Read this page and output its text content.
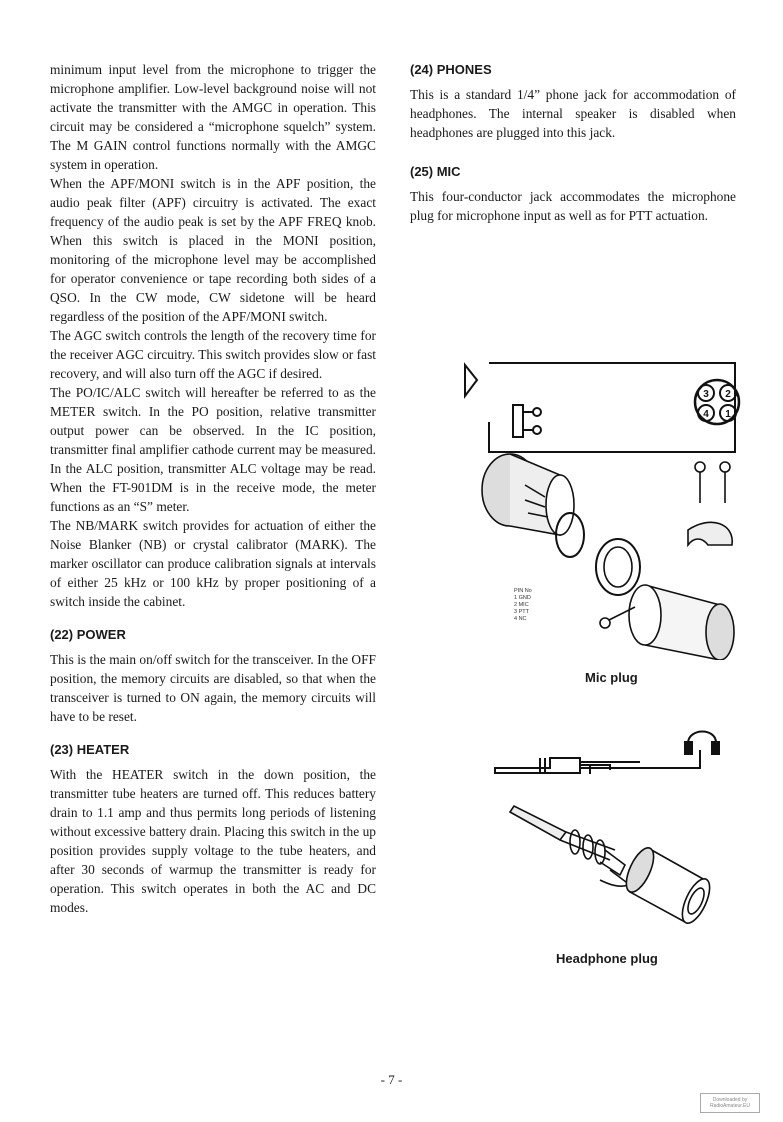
minimum input level from the microphone to trigger the microphone amplifier. Low-level background noise will not activate the transmitter with the AMGC in operation. This circuit may be considered a “microphone squelch” system. The M GAIN control functions normally with the AMGC system in operation.

When the APF/MONI switch is in the APF position, the audio peak filter (APF) circuitry is activated. The exact frequency of the audio peak is set by the APF FREQ knob. When this switch is placed in the MONI position, monitoring of the microphone level may be accomplished for operator convenience or tape recording both sides of a QSO. In the CW mode, CW sidetone will be heard regardless of the position of the APF/MONI switch.

The AGC switch controls the length of the recovery time for the receiver AGC circuitry. This switch provides slow or fast recovery, and will also turn off the AGC if desired.

The PO/IC/ALC switch will hereafter be referred to as the METER switch. In the PO position, relative transmitter output power can be observed. In the IC position, transmitter final amplifier cathode current may be measured. In the ALC position, transmitter ALC voltage may be read. When the FT-901DM is in the receive mode, the meter functions as an “S” meter.

The NB/MARK switch provides for actuation of either the Noise Blanker (NB) or crystal calibrator (MARK). The marker oscillator can produce calibration signals at intervals of either 25 kHz or 100 kHz by proper positioning of a switch inside the cabinet.

(22) POWER

This is the main on/off switch for the transceiver. In the OFF position, the memory circuits are disabled, so that when the transceiver is turned to ON again, the memory circuits will have to be reset.

(23) HEATER

With the HEATER switch in the down position, the transmitter tube heaters are turned off. This reduces battery drain to 1.1 amp and thus permits long periods of listening without excessive battery drain. Placing this switch in the up position provides supply voltage to the tube heaters, and after 30 seconds of warmup the transmitter is ready for operation. This switch operates in both the AC and DC modes.

(24) PHONES

This is a standard 1/4” phone jack for accommodation of headphones. The internal speaker is disabled when headphones are plugged into this jack.

(25) MIC

This four-conductor jack accommodates the microphone plug for microphone input as well as for PTT actuation.

3 2
4 1
PIN No
1 GND
2 MIC
3 PTT
4 NC
Mic plug
Headphone plug
- 7 -
Downloaded by
RadioAmateur.EU
